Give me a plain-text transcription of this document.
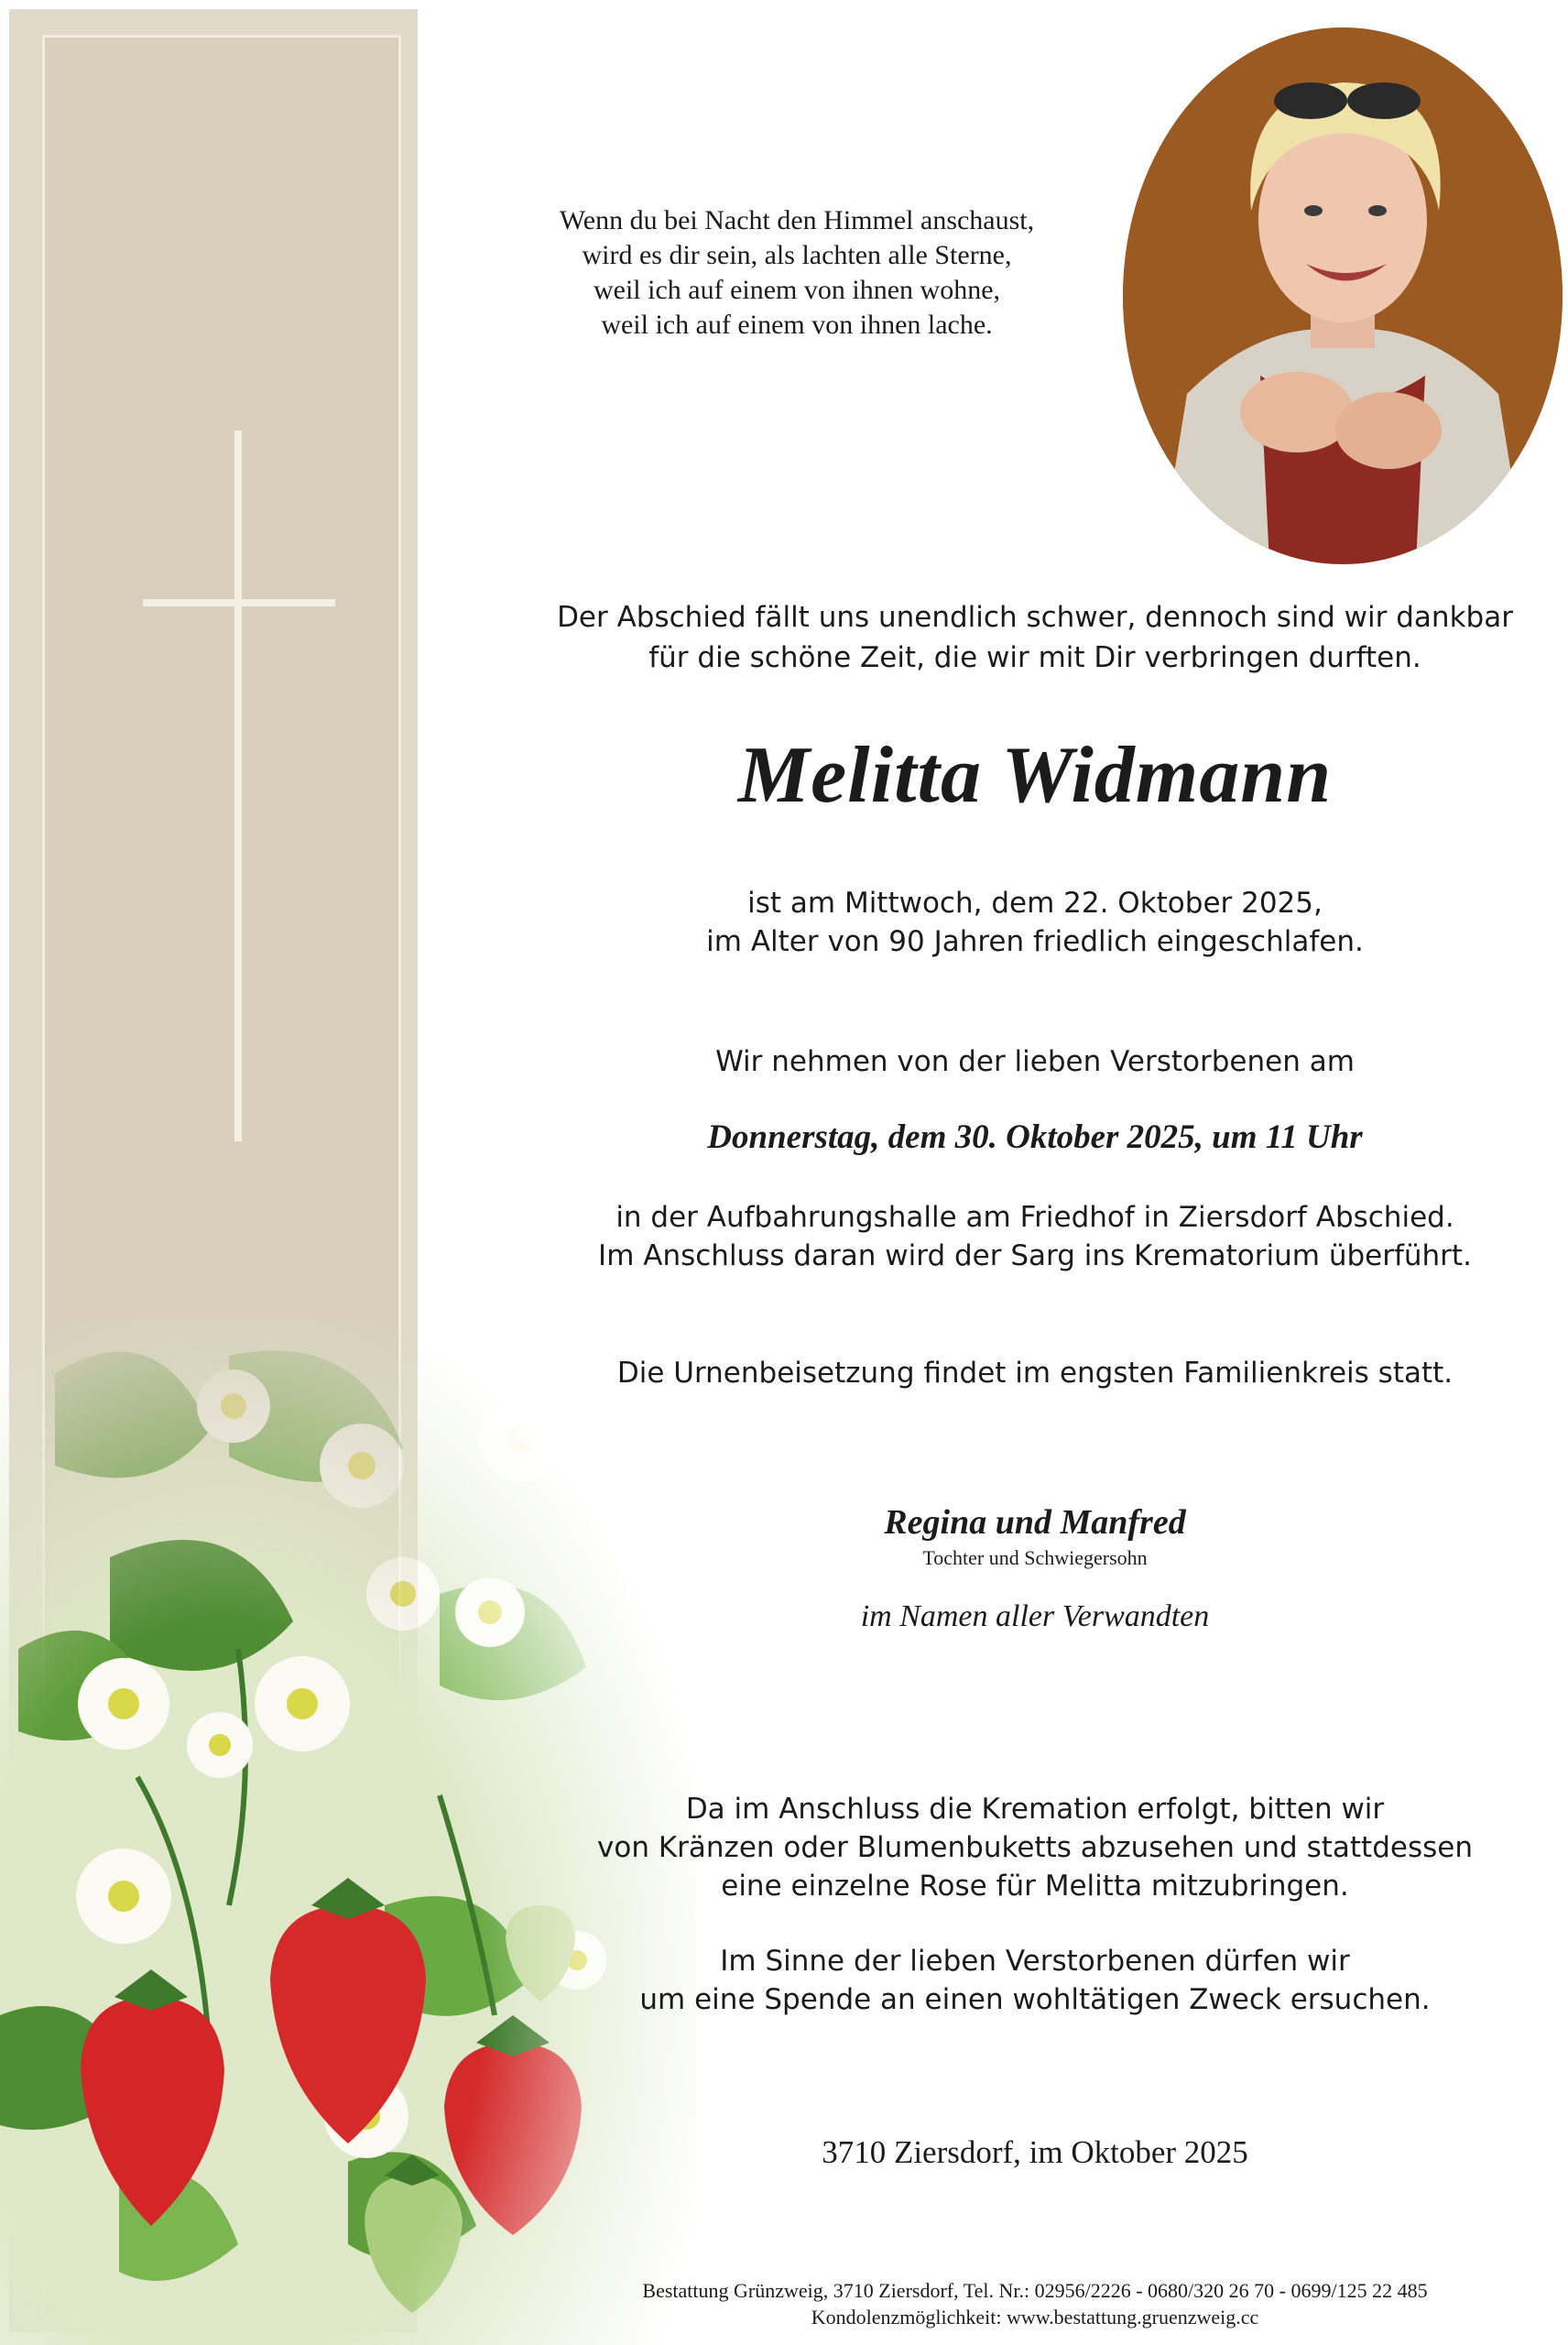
Wenn du bei Nacht den Himmel anschaust,
wird es dir sein, als lachten alle Sterne,
weil ich auf einem von ihnen wohne,
weil ich auf einem von ihnen lache.
Der Abschied fällt uns unendlich schwer, dennoch sind wir dankbar
für die schöne Zeit, die wir mit Dir verbringen durften.
Melitta Widmann
ist am Mittwoch, dem 22. Oktober 2025,
im Alter von 90 Jahren friedlich eingeschlafen.
Wir nehmen von der lieben Verstorbenen am
Donnerstag, dem 30. Oktober 2025, um 11 Uhr
in der Aufbahrungshalle am Friedhof in Ziersdorf Abschied.
Im Anschluss daran wird der Sarg ins Krematorium überführt.
Die Urnenbeisetzung findet im engsten Familienkreis statt.
Regina und Manfred
Tochter und Schwiegersohn
im Namen aller Verwandten
Da im Anschluss die Kremation erfolgt, bitten wir
von Kränzen oder Blumenbuketts abzusehen und stattdessen
eine einzelne Rose für Melitta mitzubringen.
Im Sinne der lieben Verstorbenen dürfen wir
um eine Spende an einen wohltätigen Zweck ersuchen.
3710 Ziersdorf, im Oktober 2025
Bestattung Grünzweig, 3710 Ziersdorf, Tel. Nr.: 02956/2226 - 0680/320 26 70 - 0699/125 22 485
Kondolenzmöglichkeit: www.bestattung.gruenzweig.cc
